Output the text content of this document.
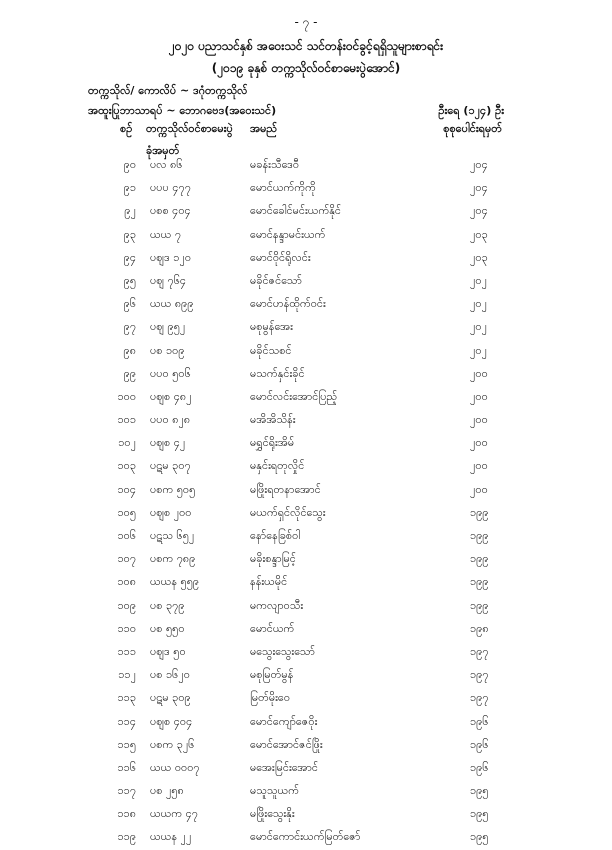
- ၇ -
၂၀၂၀ ပညာသင်နှစ် အဝေးသင် သင်တန်းဝင်ခွင့်ရရှိသူများစာရင်း
(၂၀၁၉ ခုနှစ် တက္ကသိုလ်ဝင်စာမေးပွဲအောင်)
တက္ကသိုလ်/ ကောလိပ် ~ ဒဂုံတက္ကသိုလ်
အထူးပြုဘာသာရပ် ~ ဘောဂဗေဒ(အဝေးသင်)	ဦးရေ (၁၂၄) ဦး
စဉ် တက္ကသိုလ်ဝင်စာမေးပွဲ
ခုံအမှတ်
အမည်	စုစုပေါင်းရမှတ်
၉၀ ပလ ၈၆	မခန်းသီဒေဝီ	၂၀၄
၉၁ ပပပ ၄၇၇	မောင်ယက်ကိုကို	၂၀၄
၉၂ ပစစ ၄၀၄	မောင်ခေါင်မင်းယက်နိုင်	၂၀၄
၉၃ ယယ ၇	မောင်နန္ဒာမင်းယက်	၂၀၃
၉၄ ပဈဒ ၁၂၀	မောင်ဝိုင်ရိုလင်း	၂၀၃
၉၅ ပဈ ၇၆၄	မခိုင်ဇင်သော်	၂၀၂
၉၆ ယယ ၈၉၉	မောင်ဟန်ထိုက်ဝင်း	၂၀၂
၉၇ ပဈ ၉၅၂	မစုမွန်အေး	၂၀၂
၉၈ ပစ ၁၀၉	မခိုင်သစင်	၂၀၂
၉၉ ပပဝ ၅၀၆	မသက်နှင်းခိုင်	၂၀၀
၁၀၀ ပဈစ ၄၈၂	မောင်လင်းအောင်ပြည့်	၂၀၀
၁၀၁ ပပဝ ၈၂၈	မအိအိသိန်း	၂၀၀
၁၀၂ ပဈစ ၄၂	မရွှင်ရိုးအိမ်	၂၀၀
၁၀၃ ပဋမ ၃၀၇	မနှင်းရတုလှိုင်	၂၀၀
၁၀၄ ပစက ၅၀၅	မဖြိုးရတနာအောင်	၂၀၀
၁၀၅ ပဈစ ၂၀၀	မယက်ရှင်လိုင်သွေး	၁၉၉
၁၀၆ ပဋသ ၆၅၂	နော်နေခြစ်ဝါ	၁၉၉
၁၀၇ ပစက ၇၈၉	မခိုးစန္ဒာမြင့်	၁၉၉
၁၀၈ ယယန ၅၅၉	နန်းယမိုင်	၁၉၉
၁၀၉ ပစ ၃၇၉	မကလျာဝသီး	၁၉၉
၁၁၀ ပစ ၅၅၀	မောင်ယက်	၁၉၈
၁၁၁ ပဈဒ ၅၀	မသွေးသွေးသော်	၁၉၇
၁၁၂ ပစ ၁၆၂၀	မစုမြတ်မွန်	၁၉၇
၁၁၃ ပဋမ ၃၀၉	မြတ်မိုးဝေ	၁၉၇
၁၁၄ ပဈစ ၄၀၄	မောင်ကျော်ဇေဝိုး	၁၉၆
၁၁၅ ပစက ၃၂၆	မောင်အောင်ဇင်ဖြိုး	၁၉၆
၁၁၆ ယယ ၀၀၀၇	မအေးမြင်းအောင်	၁၉၆
၁၁၇ ပစ ၂၅၈	မသူသူယက်	၁၉၅
၁၁၈ ယယက ၄၇	မဖြိုးသွေးနိုး	၁၉၅
၁၁၉ ယယန ၂၂	မောင်ကောင်းယက်မြတ်ဇော်	၁၉၅
